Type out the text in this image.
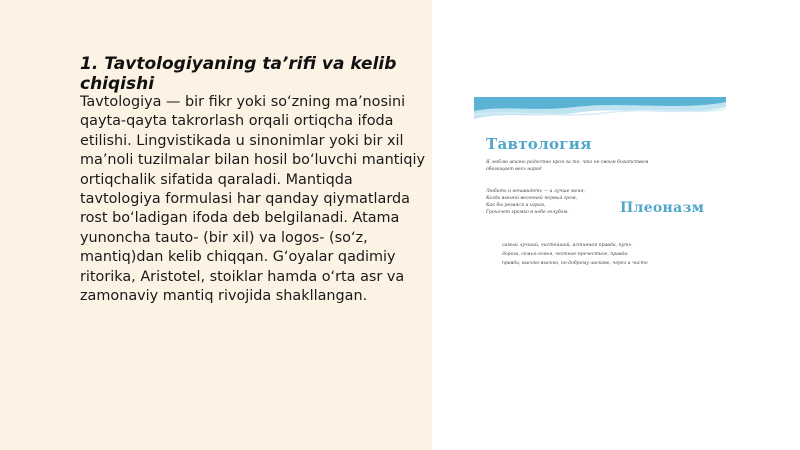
1. Tavtologiyaning ta’rifi va kelib chiqishi

Tavtologiya — bir fikr yoki so‘zning ma’nosini qayta-qayta takrorlash orqali ortiqcha ifoda etilishi. Lingvistikada u sinonimlar yoki bir xil ma’noli tuzilmalar bilan hosil bo‘luvchi mantiqiy ortiqchalik sifatida qaraladi. Mantiqda tavtologiya formulasi har qanday qiymatlarda rost bo‘ladigan ifoda deb belgilanadi. Atama yunoncha tauto- (bir xil) va logos- (so‘z, mantiq)dan kelib chiqqan. G‘oyalar qadimiy ritorika, Aristotel, stoiklar hamda o‘rta asr va zamonaviy mantiq rivojida shakllangan.

Тавтология
Я люблю жизнь радостно кроя за то, что не своим богатством
обогащает весь народ
Любить и ненавидеть — и лучше меня,
Когда вьюгой весенней первый гром,
Как бы резвяся и играя,
Грохочет громко в небе голубом.	Плеоназм
самый лучший, чистейший, истинная правда, путь-
дорога, семья-семья, честное-пречестное, правда-
правда, высоко-высоко, по-доброму-ласково, через и чисто
